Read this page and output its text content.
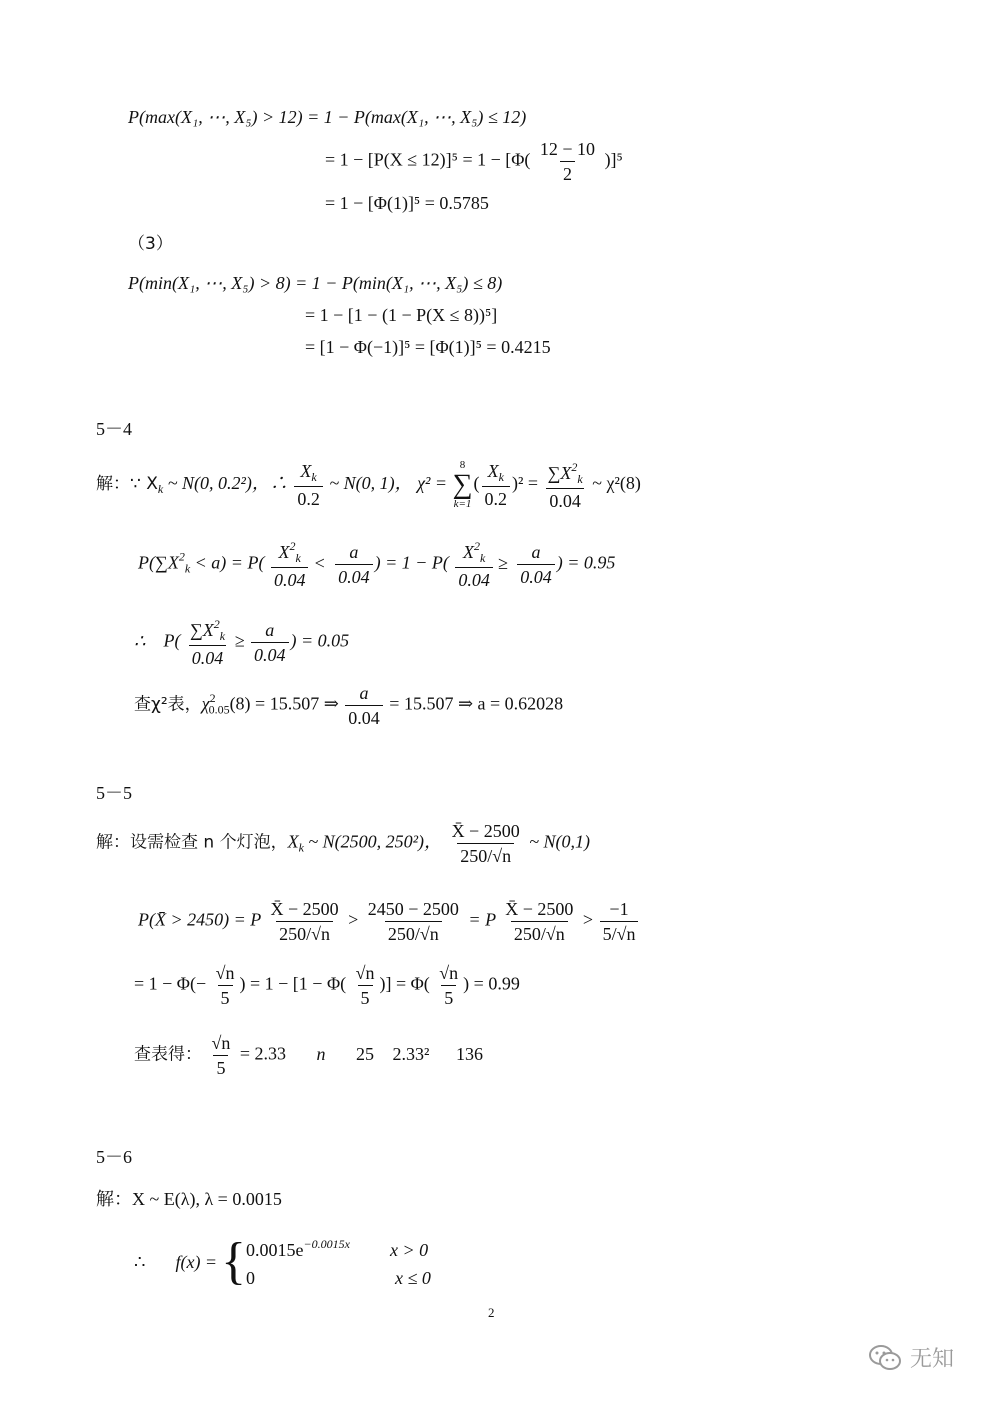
P(max(X₁, ⋯, X₅) > 12) = 1 − P(max(X₁, ⋯, X₅) ≤ 12)
= $1 - [P(X \le 12)]^5 = 1 - [\Phi( \frac{12 - 10}{2} )]^5$
= 1 − [Φ(1)]⁵ = 0.5785
（3）
P(min(X₁, ⋯, X₅) > 8) = 1 − P(min(X₁, ⋯, X₅) ≤ 8)
= 1 − [1 − (1 − P(X ≤ 8))⁵]
= [1 − Φ(−1)]⁵ = [Φ(1)]⁵ = 0.4215
5－4
解：∵ $X_k$ ~ N(0, 0.2²)，∴ $\frac{X_k}{0.2}$ ~ N(0, 1)， χ² =
8
∑
k=1
( $\frac{X_k}{0.2} )^2 = \frac{\sum X^2_k}{0.04}$ ~ χ²(8)
$P(\sum X^2_k < a) = P( \frac{X^2_k}{0.04} < \frac{a}{0.04}$ ) = $1 - P( \frac{X^2_k}{0.04} \ge \frac{a}{0.04}$ ) = 0.95
∴ $P( \frac{\sum X^2_k}{0.04} \ge \frac{a}{0.04}$ ) = 0.05
查χ²表，$\chi^2_{0.05}(8) = 15.507$ ⇒ $\frac{a}{0.04} = 15.507$ ⇒ a = 0.62028
5－5
解：设需检查 n 个灯泡，$X_k$ ~ N(2500, 250²)， $\frac{X̄ - 2500}{250/√n}$ ~ N(0,1)
P(X̄ > 2450) = P $\frac{X̄ - 2500}{250/√n} > \frac{2450 - 2500}{250/√n} = P \frac{X̄ - 2500}{250/√n} > \frac{-1}{5/√n}$
= $1 - \Phi(- \frac{√n}{5}$ ) = $1 - [1 - \Phi( \frac{√n}{5}$ )] = $\Phi( \frac{√n}{5}$ ) = 0.99
查表得： $\frac{√n}{5} = 2.33$ n 25 2.33² 136
5－6
解：X ~ E(λ), λ = 0.0015
∴ f(x) ={ $0.0015e^{-0.0015x}$ x > 0
0	x ≤ 0
2
无知
